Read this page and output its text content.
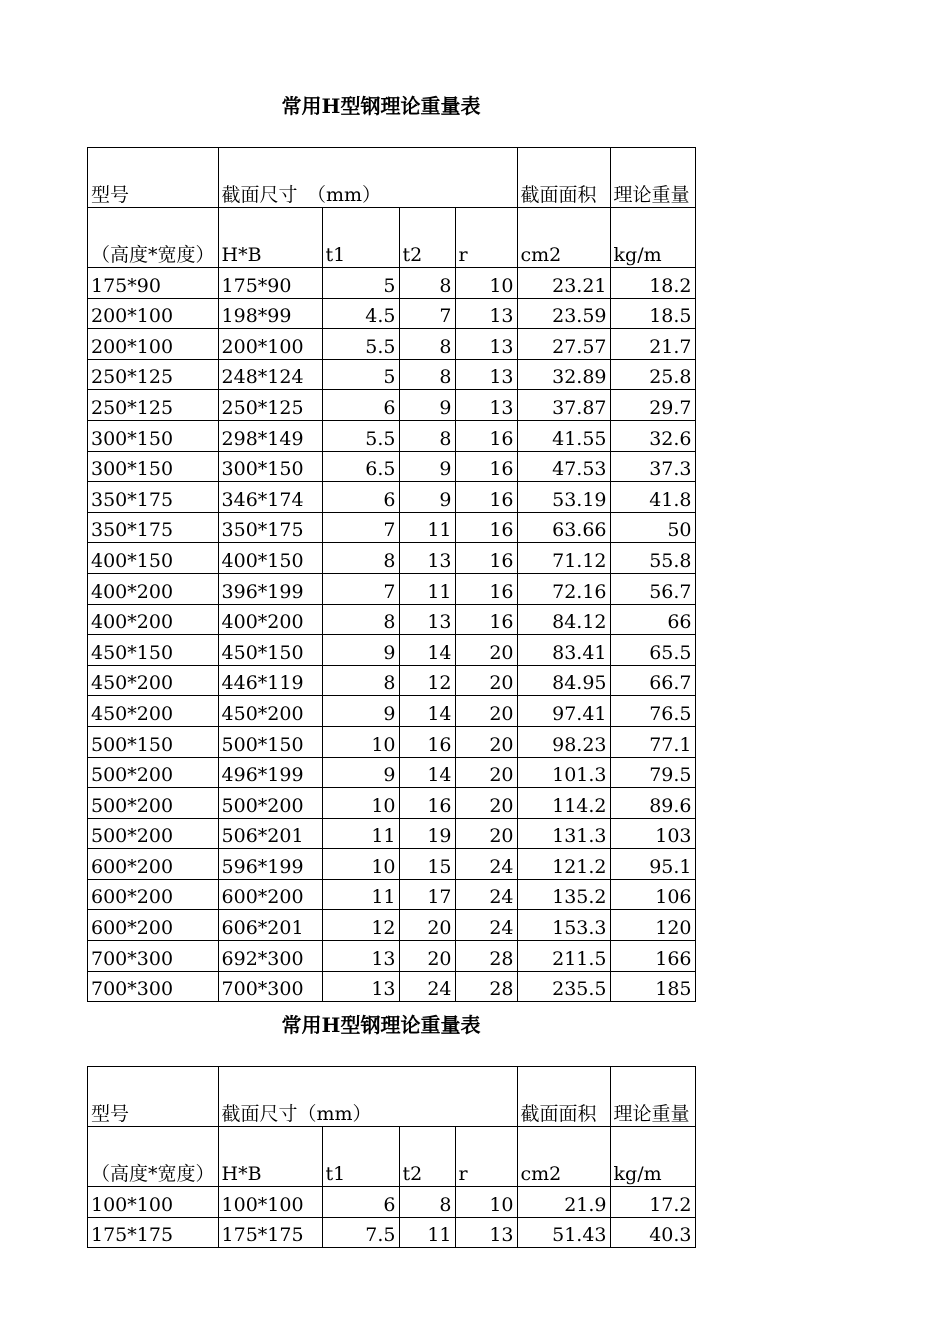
常用H型钢理论重量表
型号	截面尺寸　（mm）				截面面积	理论重量
（高度*宽度）	H*B	t1	t2	r	cm2	kg/m
175*90	175*90	5	8	10	23.21	18.2
200*100	198*99	4.5	7	13	23.59	18.5
200*100	200*100	5.5	8	13	27.57	21.7
250*125	248*124	5	8	13	32.89	25.8
250*125	250*125	6	9	13	37.87	29.7
300*150	298*149	5.5	8	16	41.55	32.6
300*150	300*150	6.5	9	16	47.53	37.3
350*175	346*174	6	9	16	53.19	41.8
350*175	350*175	7	11	16	63.66	50
400*150	400*150	8	13	16	71.12	55.8
400*200	396*199	7	11	16	72.16	56.7
400*200	400*200	8	13	16	84.12	66
450*150	450*150	9	14	20	83.41	65.5
450*200	446*119	8	12	20	84.95	66.7
450*200	450*200	9	14	20	97.41	76.5
500*150	500*150	10	16	20	98.23	77.1
500*200	496*199	9	14	20	101.3	79.5
500*200	500*200	10	16	20	114.2	89.6
500*200	506*201	11	19	20	131.3	103
600*200	596*199	10	15	24	121.2	95.1
600*200	600*200	11	17	24	135.2	106
600*200	606*201	12	20	24	153.3	120
700*300	692*300	13	20	28	211.5	166
700*300	700*300	13	24	28	235.5	185
常用H型钢理论重量表
型号	截面尺寸（mm）				截面面积	理论重量
（高度*宽度）	H*B	t1	t2	r	cm2	kg/m
100*100	100*100	6	8	10	21.9	17.2
175*175	175*175	7.5	11	13	51.43	40.3
